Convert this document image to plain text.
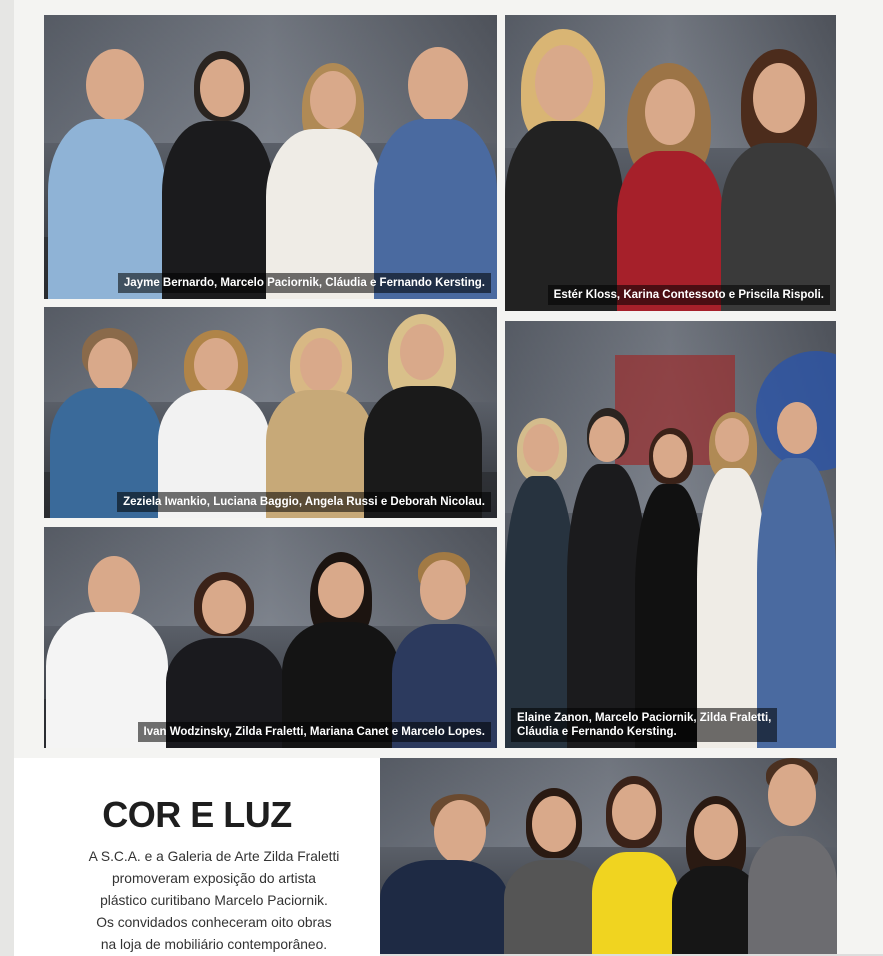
Jayme Bernardo, Marcelo Paciornik, Cláudia e Fernando Kersting.
Estér Kloss, Karina Contessoto e Priscila Rispoli.
Zeziela Iwankio, Luciana Baggio, Angela Russi e Deborah Nicolau.
Elaine Zanon, Marcelo Paciornik, Zilda Fraletti,
Cláudia e Fernando Kersting.
Ivan Wodzinsky, Zilda Fraletti, Mariana Canet e Marcelo Lopes.
COR E LUZ
A S.C.A. e a Galeria de Arte Zilda Fraletti
promoveram exposição do artista
plástico curitibano Marcelo Paciornik.
Os convidados conheceram oito obras
na loja de mobiliário contemporâneo.
